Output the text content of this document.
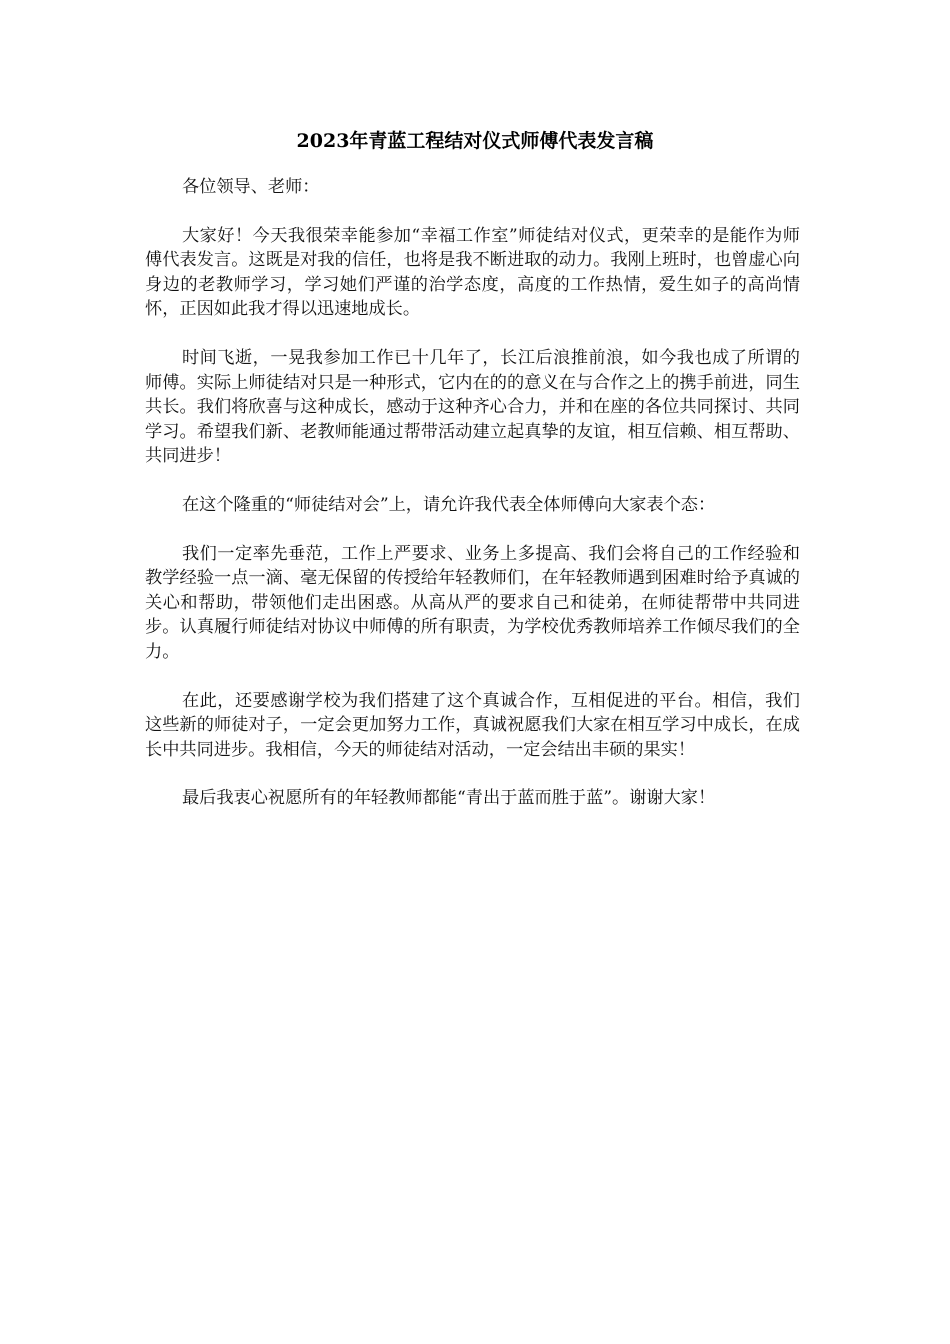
2023年青蓝工程结对仪式师傅代表发言稿

各位领导、老师：

大家好！今天我很荣幸能参加“幸福工作室”师徒结对仪式，更荣幸的是能作为师傅代表发言。这既是对我的信任，也将是我不断进取的动力。我刚上班时，也曾虚心向身边的老教师学习，学习她们严谨的治学态度，高度的工作热情，爱生如子的高尚情怀，正因如此我才得以迅速地成长。

时间飞逝，一晃我参加工作已十几年了，长江后浪推前浪，如今我也成了所谓的师傅。实际上师徒结对只是一种形式，它内在的的意义在与合作之上的携手前进，同生共长。我们将欣喜与这种成长，感动于这种齐心合力，并和在座的各位共同探讨、共同学习。希望我们新、老教师能通过帮带活动建立起真挚的友谊，相互信赖、相互帮助、共同进步！

在这个隆重的“师徒结对会”上，请允许我代表全体师傅向大家表个态：

我们一定率先垂范，工作上严要求、业务上多提高、我们会将自己的工作经验和教学经验一点一滴、毫无保留的传授给年轻教师们，在年轻教师遇到困难时给予真诚的关心和帮助，带领他们走出困惑。从高从严的要求自己和徒弟，在师徒帮带中共同进步。认真履行师徒结对协议中师傅的所有职责，为学校优秀教师培养工作倾尽我们的全力。

在此，还要感谢学校为我们搭建了这个真诚合作，互相促进的平台。相信，我们这些新的师徒对子，一定会更加努力工作，真诚祝愿我们大家在相互学习中成长，在成长中共同进步。我相信，今天的师徒结对活动，一定会结出丰硕的果实！

最后我衷心祝愿所有的年轻教师都能“青出于蓝而胜于蓝”。谢谢大家！
